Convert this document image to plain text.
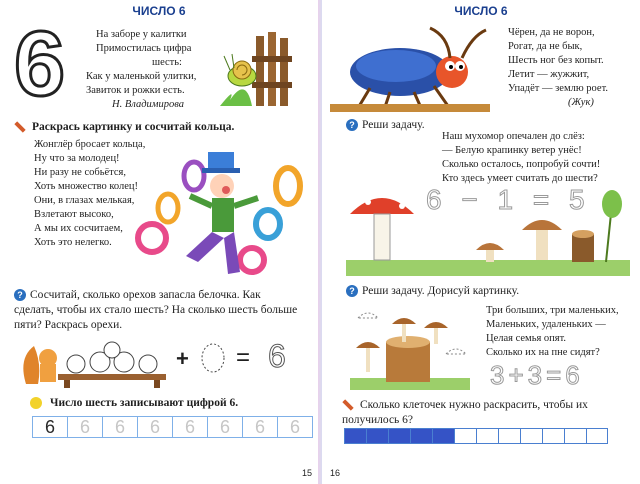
ЧИСЛО 6
6	На заборе у калитки
Примостилась цифра
шесть:
Как у маленькой улитки,
Завиток и рожки есть.
Н. Владимирова
Раскрась картинку и сосчитай кольца.
Жонглёр бросает кольца,
Ну что за молодец!
Ни разу не собьётся,
Хоть множество колец!
Они, в глазах мелькая,
Взлетают высоко,
А мы их сосчитаем,
Хоть это нелегко.
? Сосчитай, сколько орехов запасла белочка. Как сделать, чтобы их стало шесть? На сколько шесть больше пяти? Раскрась орехи.
+ = 6
Число шесть записывают цифрой 6.
6	6	6	6	6	6	6	6
15
ЧИСЛО 6
Чёрен, да не ворон,
Рогат, да не бык,
Шесть ног без копыт.
Летит — жужжит,
Упадёт — землю роет.
(Жук)
? Реши задачу.
Наш мухомор опечален до слёз:
— Белую крапинку ветер унёс!
Сколько осталось, попробуй сочти!
Кто здесь умеет считать до шести?
6 − 1 = 5
? Реши задачу. Дорисуй картинку.
Три больших, три маленьких,
Маленьких, удаленьких —
Целая семья опят.
Сколько их на пне сидят?
3+3=6
Сколько клеточек нужно раскрасить, чтобы их получилось 6?
16
